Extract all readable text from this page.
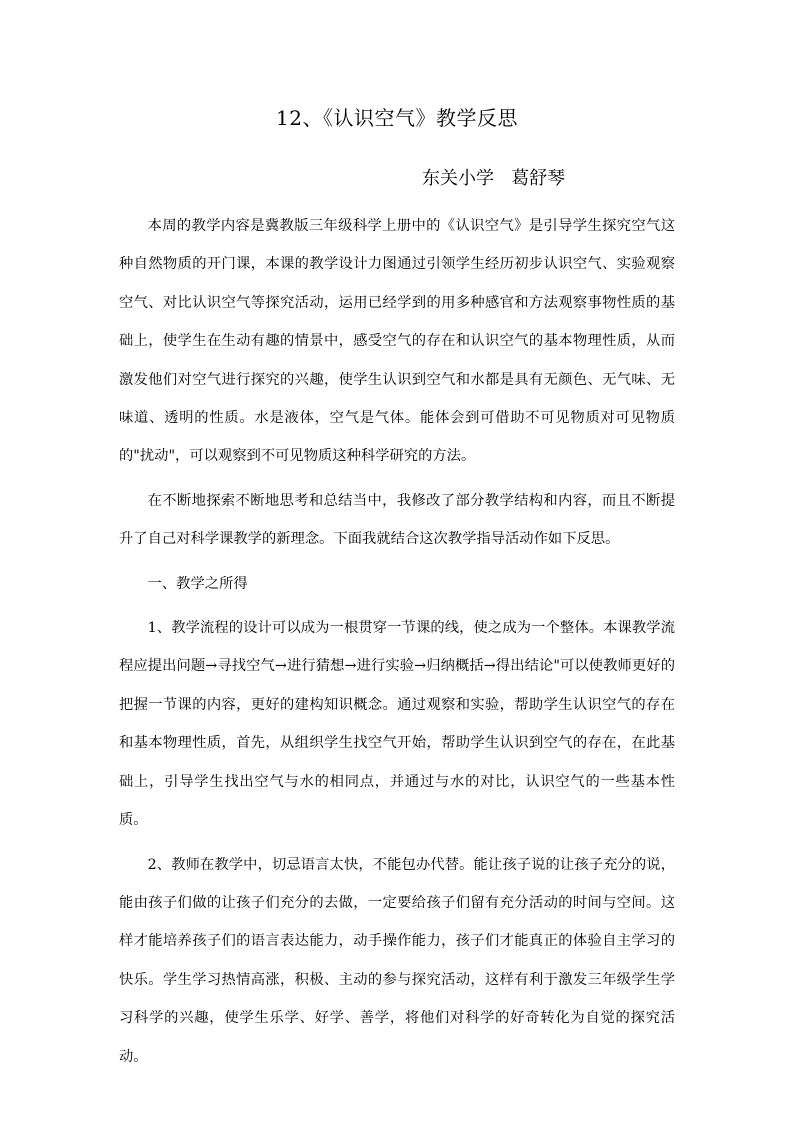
12、《认识空气》教学反思
东关小学   葛舒琴

本周的教学内容是冀教版三年级科学上册中的《认识空气》是引导学生探究空气这种自然物质的开门课，本课的教学设计力图通过引领学生经历初步认识空气、实验观察空气、对比认识空气等探究活动，运用已经学到的用多种感官和方法观察事物性质的基础上，使学生在生动有趣的情景中，感受空气的存在和认识空气的基本物理性质，从而激发他们对空气进行探究的兴趣，使学生认识到空气和水都是具有无颜色、无气味、无味道、透明的性质。水是液体，空气是气体。能体会到可借助不可见物质对可见物质的"扰动"，可以观察到不可见物质这种科学研究的方法。

在不断地探索不断地思考和总结当中，我修改了部分教学结构和内容，而且不断提升了自己对科学课教学的新理念。下面我就结合这次教学指导活动作如下反思。

一、教学之所得

1、教学流程的设计可以成为一根贯穿一节课的线，使之成为一个整体。本课教学流程应提出问题→寻找空气→进行猜想→进行实验→归纳概括→得出结论"可以使教师更好的把握一节课的内容，更好的建构知识概念。通过观察和实验，帮助学生认识空气的存在和基本物理性质，首先，从组织学生找空气开始，帮助学生认识到空气的存在，在此基础上，引导学生找出空气与水的相同点，并通过与水的对比，认识空气的一些基本性质。

2、教师在教学中，切忌语言太快，不能包办代替。能让孩子说的让孩子充分的说，能由孩子们做的让孩子们充分的去做，一定要给孩子们留有充分活动的时间与空间。这样才能培养孩子们的语言表达能力，动手操作能力，孩子们才能真正的体验自主学习的快乐。学生学习热情高涨，积极、主动的参与探究活动，这样有利于激发三年级学生学习科学的兴趣，使学生乐学、好学、善学，将他们对科学的好奇转化为自觉的探究活动。
